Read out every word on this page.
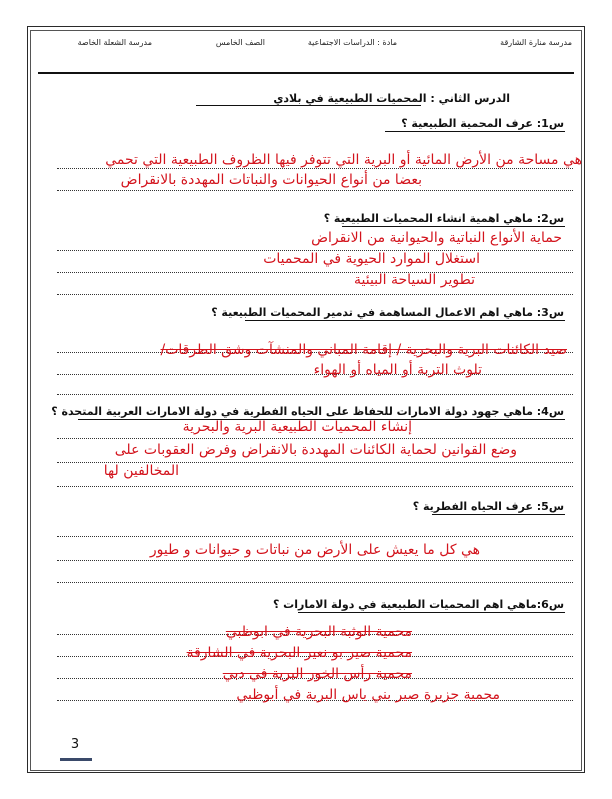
مدرسة منارة الشارقة
مادة : الدراسات الاجتماعية
الصف الخامس
مدرسة الشعلة الخاصة
الدرس الثاني : المحميات الطبيعية في بلادي
س1: عرف المحمية الطبيعية ؟
هي مساحة من الأرض المائية أو البرية التي تتوفر فيها الظروف الطبيعية التي تحمي
بعضا من أنواع الحيوانات والنباتات المهددة بالانقراض
س2: ماهي اهمية انشاء المحميات الطبيعية ؟
حماية الأنواع النباتية والحيوانية من الانقراض
استغلال الموارد الحيوية في المحميات
تطوير السياحة البيئية
س3: ماهي اهم الاعمال المساهمة في تدمير المحميات الطبيعية ؟
صيد الكائنات البرية والبحرية / إقامة المباني والمنشآت وشق الطرقات/
تلوث التربة أو المياه أو الهواء
س4: ماهي جهود دولة الامارات للحفاظ على الحياه الفطرية في دولة الامارات العربية المتحدة ؟
إنشاء المحميات الطبيعية البرية والبحرية
وضع القوانين لحماية الكائنات المهددة بالانقراض وفرض العقوبات على
المخالفين لها
س5: عرف الحياه الفطرية ؟
هي كل ما يعيش على الأرض من نباتات و حيوانات و طيور
س6:ماهي اهم المحميات الطبيعية في دولة الامارات ؟
محمية الوثبة البحرية في ابوظبي
محمية صير بو نعير البحرية في الشارقة
محمية رأس الخور البرية في دبي
محمية جزيرة صير بني ياس البرية في أبوظبي
3
